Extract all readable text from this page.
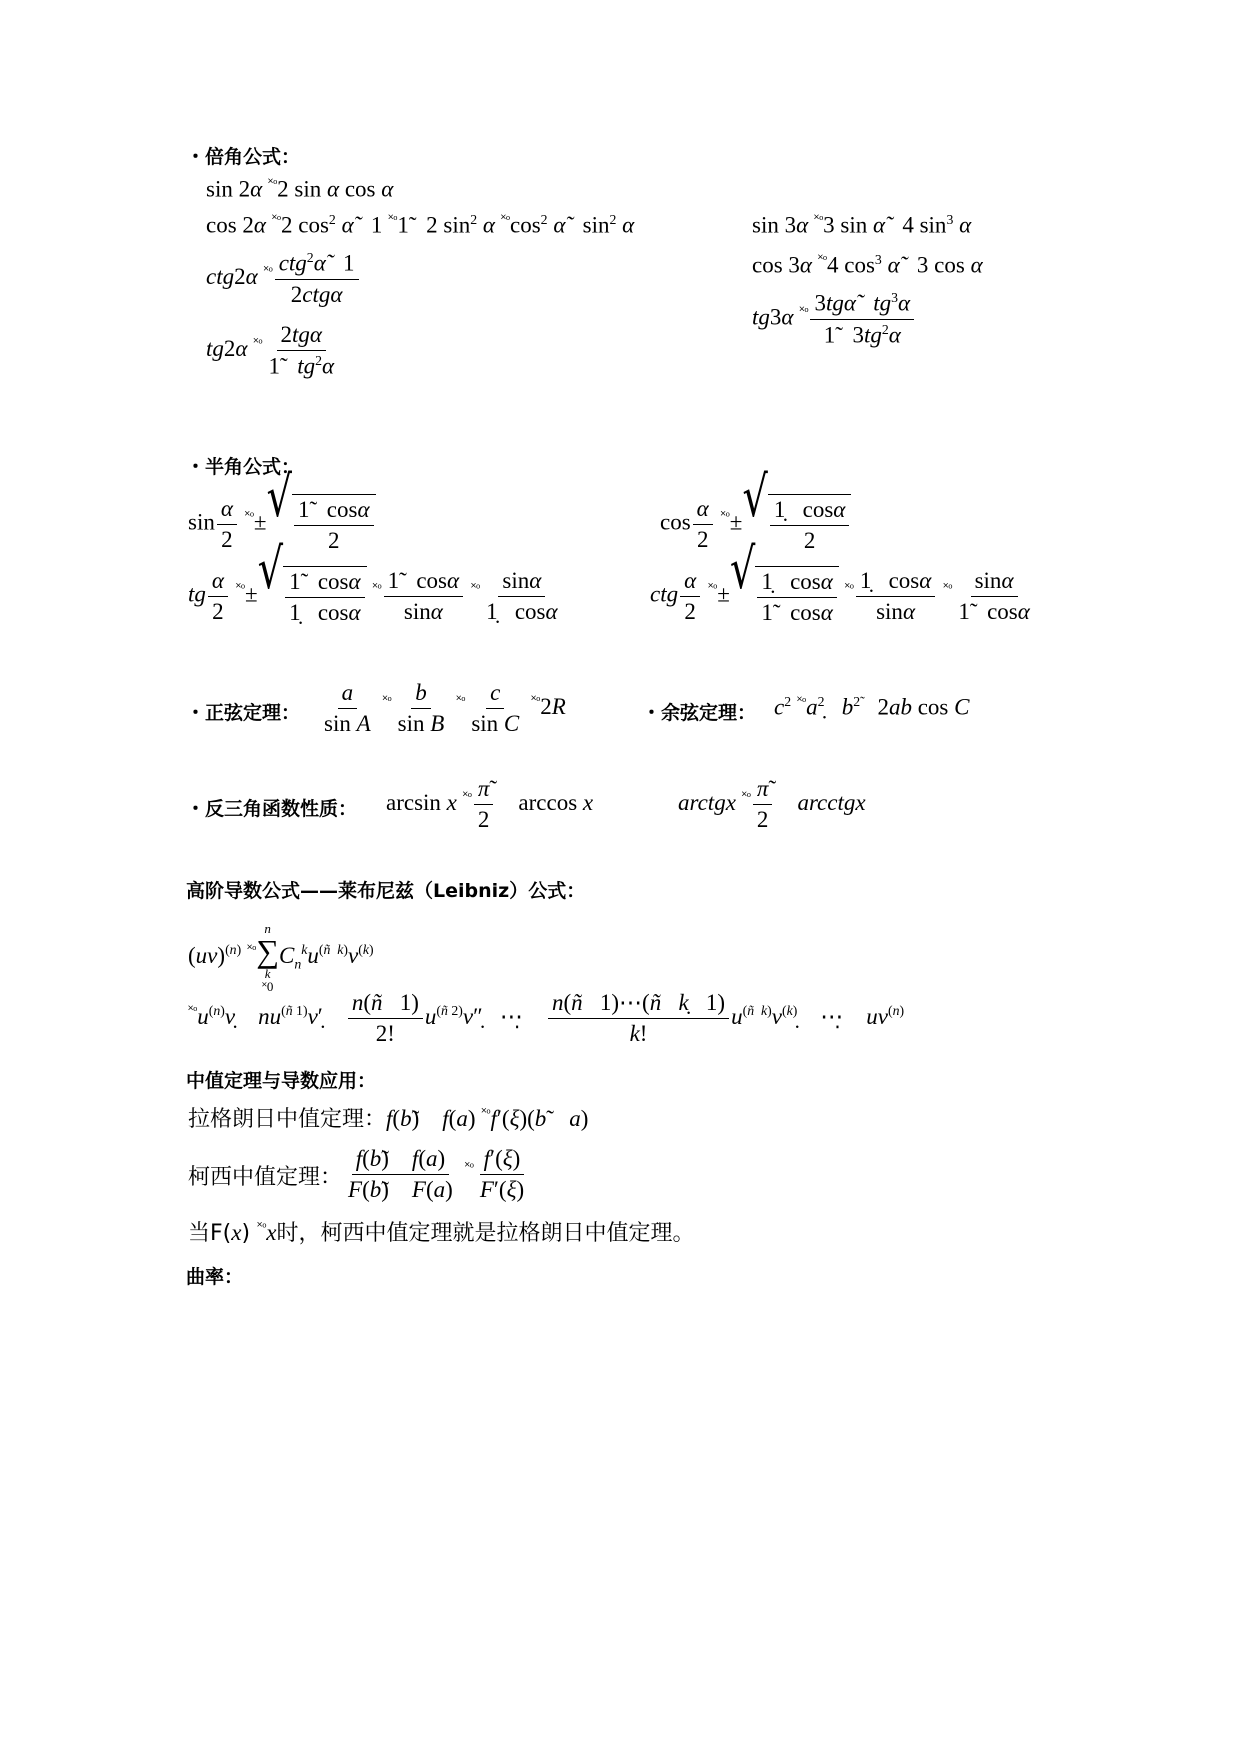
・倍角公式：
sin 2α $^{˟ᵒ}$2 sin α cos α
cos 2α $^{˟ᵒ}$2 $\cos^2$ α̃   1 $^{˟ᵒ}$1̃   2 $\sin^2 \alpha$ $^{˟ᵒ}\cos^2$ α̃   $\sin^2 \alpha$
ctg2α $^{˟ᵒ} \frac{ctg^2\alphã 1}{\text{2ctgα}}$
tg2α $^{˟ᵒ} \frac{\text{2tgα}}{1̃ tg^2\alpha}$
sin 3α $^{˟ᵒ}$3 sin α̃   4 $\sin^3 \alpha$
cos 3α $^{˟ᵒ}$4 $\cos^3$ α̃   3 cos α
tg3α $^{˟ᵒ} \frac{3tg\alphã tg^3\alpha}{1̃ 3tg^2\alpha}$
・半角公式：
$\sin \frac{\alpha}{2} ^{˟ᵒ}\pm$ √ $\frac{1̃ \cos\alpha}{2}$	$\cos \frac{\alpha}{2} ^{˟ᵒ}\pm$ √ $\frac{1̣ \cos\alpha}{2}$
tg $\frac{\alpha}{2} ^{˟ᵒ}\pm$ √ $\frac{1̃ \cos\alpha}{1̣ \cos\alpha} ^{˟ᵒ} \frac{1̃ \cos\alpha}{\sin\alpha} ^{˟ᵒ} \frac{\sin\alpha}{1̣ \cos\alpha}$	ctg $\frac{\alpha}{2} ^{˟ᵒ}\pm$ √ $\frac{1̣ \cos\alpha}{1̃ \cos\alpha} ^{˟ᵒ} \frac{1̣ \cos\alpha}{\sin\alpha} ^{˟ᵒ} \frac{\sin\alpha}{1̃ \cos\alpha}$
・正弦定理： $\frac{a}{\text{sin A}} ^{˟ᵒ} \frac{b}{\text{sin B}} ^{˟ᵒ} \frac{c}{\text{sin C}} ^{˟ᵒ}2R$	・余弦定理： $c^2$ $^{˟ᵒ}a^2̣$   $b^{2̃}$   2ab cos C
・反三角函数性质： arcsin x $^{˟ᵒ} \frac{\pi}{2}$ arccos x	arctgx $^{˟ᵒ} \frac{\pi}{2}$ arcctgx
高阶导数公式——莱布尼兹（Leibniz）公式：
(uv)$^{(n)}$ $^{˟ᵒ}$
n
∑
k
$˟0C_n^ku^{(ñ k)}v^{(k)}$
$^{˟ᵒ}u^{(n)}ṿ$    $nu^{(ñ 1)}v'̣ \frac{n(ñ 1)}{2!}$ $u^{(ñ 2)}v''̣$   ⋯̣ $\frac{\text{n(ñ   1)⋯(ñ ḳ   1)}}{k!}$ $u^{(ñ k)}v^{(k)}̣$    ⋯̣    $uv^{(n)}$
中值定理与导数应用：
拉格朗日中值定理：f(b̃)    f(a) $^{˟ᵒ}$f′(ξ)(b̃    a)
柯西中值定理： $\frac{f(b̃) f(a)}{F(b̃) F(a)} ^{˟ᵒ} \frac{f'(\xi)}{F'(\xi)}$
当F(x) $^{˟ᵒ}$x时，柯西中值定理就是拉格朗日中值定理。
曲率：
